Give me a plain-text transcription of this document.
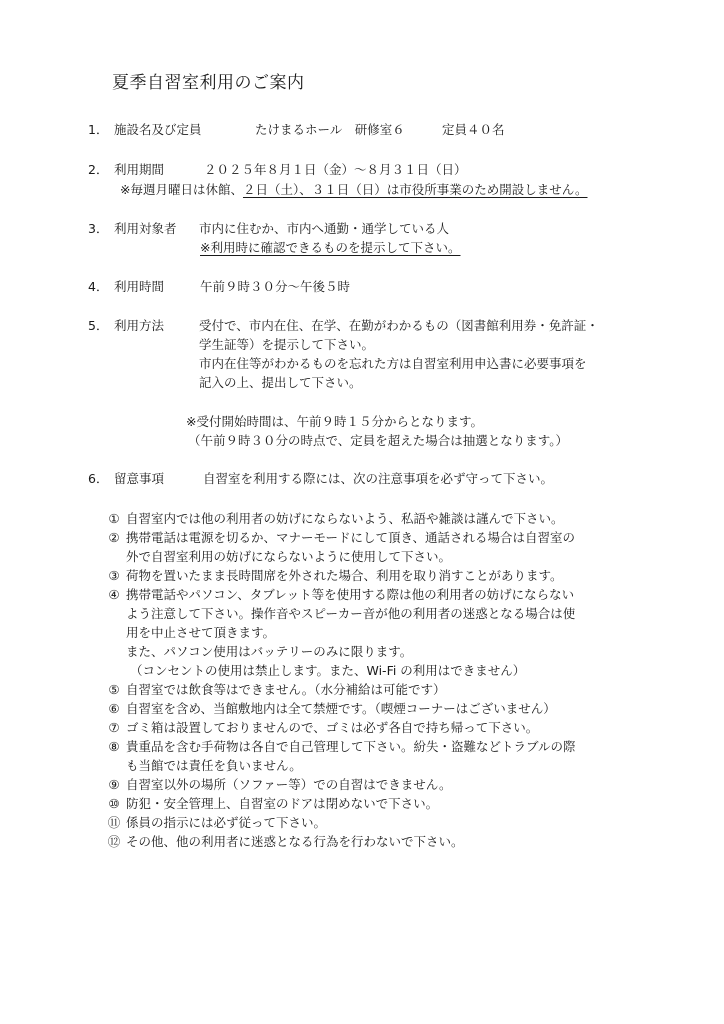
夏季自習室利用のご案内
1． 施設名及び定員	たけまるホール　研修室６	定員４０名
2． 利用期間	２０２５年８月１日（金）～８月３１日（日）
※毎週月曜日は休館、２日（土）、３１日（日）は市役所事業のため開設しません。
3． 利用対象者 市内に住むか、市内へ通勤・通学している人
※利用時に確認できるものを提示して下さい。
4． 利用時間	午前９時３０分～午後５時
5． 利用方法	受付で、市内在住、在学、在勤がわかるもの（図書館利用券・免許証・
学生証等）を提示して下さい。
市内在住等がわかるものを忘れた方は自習室利用申込書に必要事項を
記入の上、提出して下さい。
※受付開始時間は、午前９時１５分からとなります。
（午前９時３０分の時点で、定員を超えた場合は抽選となります。）
6． 留意事項	自習室を利用する際には、次の注意事項を必ず守って下さい。
① 自習室内では他の利用者の妨げにならないよう、私語や雑談は謹んで下さい。
② 携帯電話は電源を切るか、マナーモードにして頂き、通話される場合は自習室の
外で自習室利用の妨げにならないように使用して下さい。
③ 荷物を置いたまま長時間席を外された場合、利用を取り消すことがあります。
④ 携帯電話やパソコン、タブレット等を使用する際は他の利用者の妨げにならない
よう注意して下さい。操作音やスピーカー音が他の利用者の迷惑となる場合は使
用を中止させて頂きます。
また、パソコン使用はバッテリーのみに限ります。
（コンセントの使用は禁止します。また、Wi-Fi の利用はできません）
⑤ 自習室では飲食等はできません。（水分補給は可能です）
⑥ 自習室を含め、当館敷地内は全て禁煙です。（喫煙コーナーはございません）
⑦ ゴミ箱は設置しておりませんので、ゴミは必ず各自で持ち帰って下さい。
⑧ 貴重品を含む手荷物は各自で自己管理して下さい。紛失・盗難などトラブルの際
も当館では責任を負いません。
⑨ 自習室以外の場所（ソファー等）での自習はできません。
⑩ 防犯・安全管理上、自習室のドアは閉めないで下さい。
⑪ 係員の指示には必ず従って下さい。
⑫ その他、他の利用者に迷惑となる行為を行わないで下さい。
